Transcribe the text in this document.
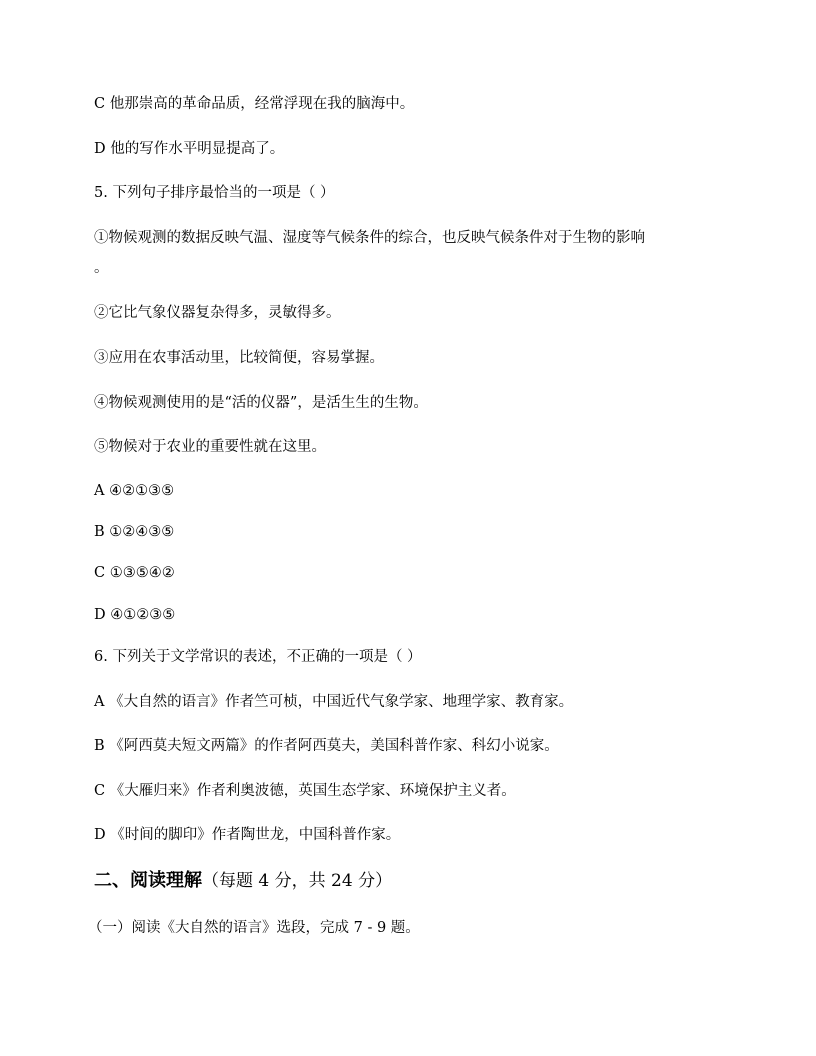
C 他那崇高的革命品质，经常浮现在我的脑海中。
D 他的写作水平明显提高了。
5. 下列句子排序最恰当的一项是（ ）
①物候观测的数据反映气温、湿度等气候条件的综合，也反映气候条件对于生物的影响
。
②它比气象仪器复杂得多，灵敏得多。
③应用在农事活动里，比较简便，容易掌握。
④物候观测使用的是“活的仪器”，是活生生的生物。
⑤物候对于农业的重要性就在这里。
A ④②①③⑤
B ①②④③⑤
C ①③⑤④②
D ④①②③⑤
6. 下列关于文学常识的表述，不正确的一项是（ ）
A 《大自然的语言》作者竺可桢，中国近代气象学家、地理学家、教育家。
B 《阿西莫夫短文两篇》的作者阿西莫夫，美国科普作家、科幻小说家。
C 《大雁归来》作者利奥波德，英国生态学家、环境保护主义者。
D 《时间的脚印》作者陶世龙，中国科普作家。
二、阅读理解（每题 4 分，共 24 分）
（一）阅读《大自然的语言》选段，完成 7 - 9 题。
